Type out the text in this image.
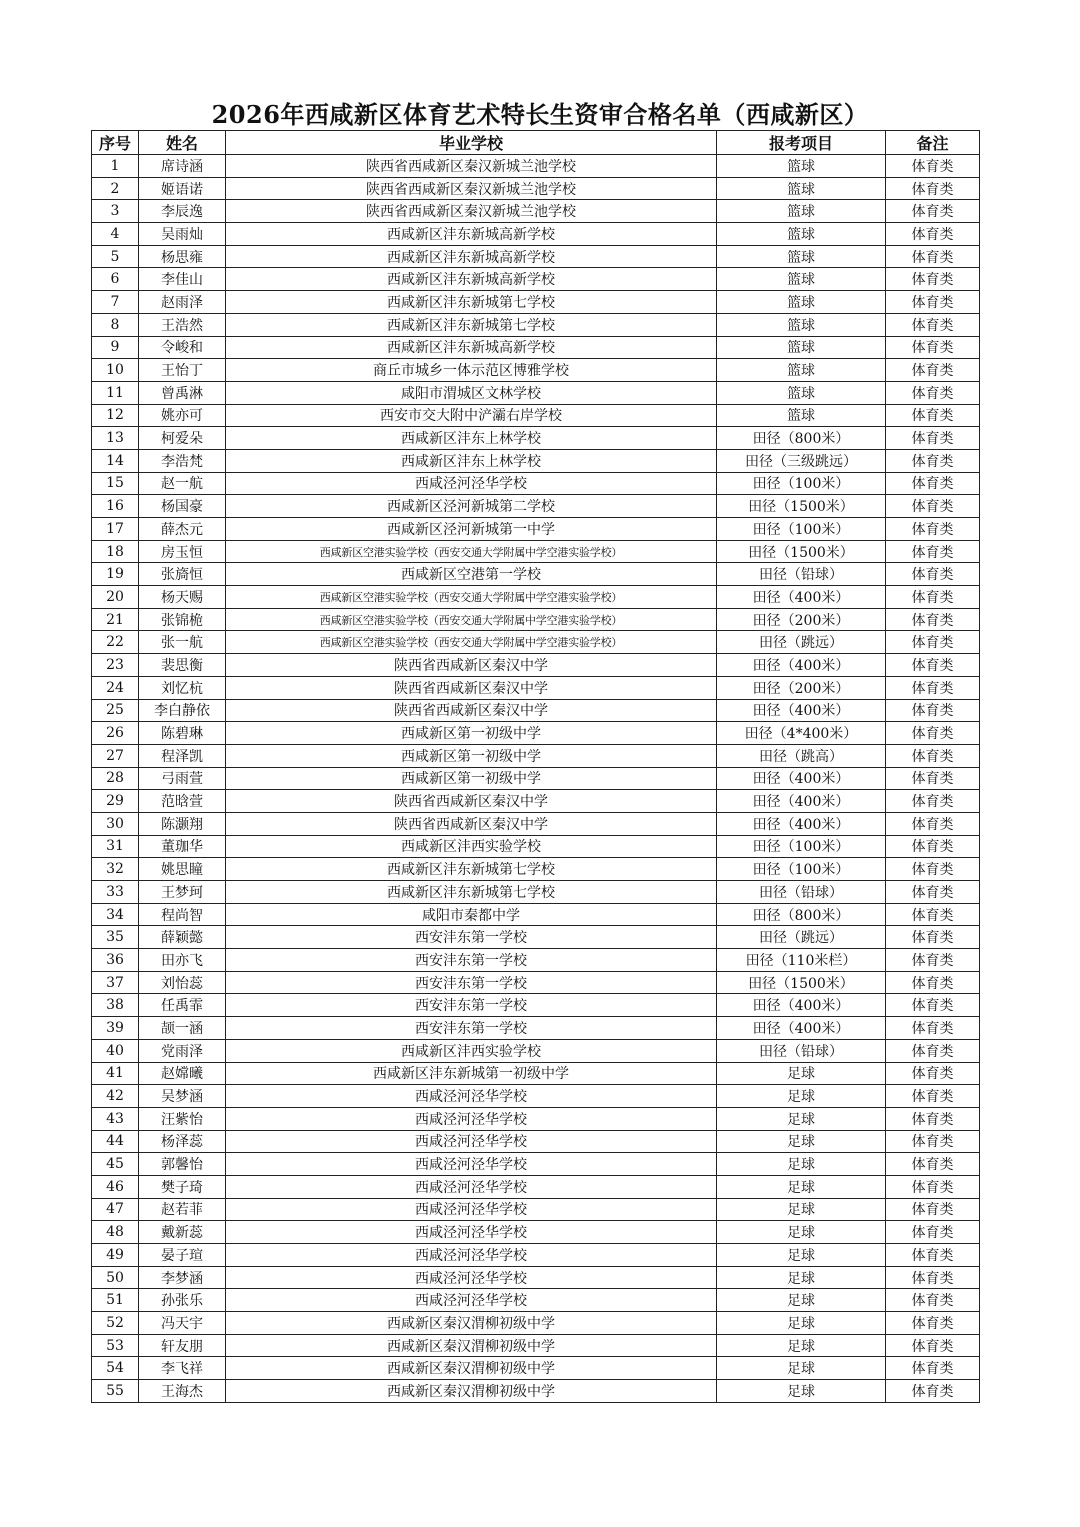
2026年西咸新区体育艺术特长生资审合格名单（西咸新区）
序号	姓名	毕业学校	报考项目	备注
1	席诗涵	陕西省西咸新区秦汉新城兰池学校	篮球	体育类
2	姬语诺	陕西省西咸新区秦汉新城兰池学校	篮球	体育类
3	李辰逸	陕西省西咸新区秦汉新城兰池学校	篮球	体育类
4	吴雨灿	西咸新区沣东新城高新学校	篮球	体育类
5	杨思雍	西咸新区沣东新城高新学校	篮球	体育类
6	李佳山	西咸新区沣东新城高新学校	篮球	体育类
7	赵雨泽	西咸新区沣东新城第七学校	篮球	体育类
8	王浩然	西咸新区沣东新城第七学校	篮球	体育类
9	令峻和	西咸新区沣东新城高新学校	篮球	体育类
10	王怡丁	商丘市城乡一体示范区博雅学校	篮球	体育类
11	曾禹淋	咸阳市渭城区文林学校	篮球	体育类
12	姚亦可	西安市交大附中浐灞右岸学校	篮球	体育类
13	柯爱朵	西咸新区沣东上林学校	田径（800米）	体育类
14	李浩梵	西咸新区沣东上林学校	田径（三级跳远）	体育类
15	赵一航	西咸泾河泾华学校	田径（100米）	体育类
16	杨国豪	西咸新区泾河新城第二学校	田径（1500米）	体育类
17	薛杰元	西咸新区泾河新城第一中学	田径（100米）	体育类
18	房玉恒	西咸新区空港实验学校（西安交通大学附属中学空港实验学校）	田径（1500米）	体育类
19	张旖恒	西咸新区空港第一学校	田径（铅球）	体育类
20	杨天赐	西咸新区空港实验学校（西安交通大学附属中学空港实验学校）	田径（400米）	体育类
21	张锦桅	西咸新区空港实验学校（西安交通大学附属中学空港实验学校）	田径（200米）	体育类
22	张一航	西咸新区空港实验学校（西安交通大学附属中学空港实验学校）	田径（跳远）	体育类
23	裴思衡	陕西省西咸新区秦汉中学	田径（400米）	体育类
24	刘忆杭	陕西省西咸新区秦汉中学	田径（200米）	体育类
25	李白静依	陕西省西咸新区秦汉中学	田径（400米）	体育类
26	陈碧琳	西咸新区第一初级中学	田径（4*400米）	体育类
27	程泽凯	西咸新区第一初级中学	田径（跳高）	体育类
28	弓雨萱	西咸新区第一初级中学	田径（400米）	体育类
29	范晗萱	陕西省西咸新区秦汉中学	田径（400米）	体育类
30	陈灏翔	陕西省西咸新区秦汉中学	田径（400米）	体育类
31	董珈华	西咸新区沣西实验学校	田径（100米）	体育类
32	姚思瞳	西咸新区沣东新城第七学校	田径（100米）	体育类
33	王梦珂	西咸新区沣东新城第七学校	田径（铅球）	体育类
34	程尚智	咸阳市秦都中学	田径（800米）	体育类
35	薛颖懿	西安沣东第一学校	田径（跳远）	体育类
36	田亦飞	西安沣东第一学校	田径（110米栏）	体育类
37	刘怡蕊	西安沣东第一学校	田径（1500米）	体育类
38	任禹霏	西安沣东第一学校	田径（400米）	体育类
39	颉一涵	西安沣东第一学校	田径（400米）	体育类
40	党雨泽	西咸新区沣西实验学校	田径（铅球）	体育类
41	赵嫦曦	西咸新区沣东新城第一初级中学	足球	体育类
42	吴梦涵	西咸泾河泾华学校	足球	体育类
43	汪紫怡	西咸泾河泾华学校	足球	体育类
44	杨泽蕊	西咸泾河泾华学校	足球	体育类
45	郭馨怡	西咸泾河泾华学校	足球	体育类
46	樊子琦	西咸泾河泾华学校	足球	体育类
47	赵若菲	西咸泾河泾华学校	足球	体育类
48	戴新蕊	西咸泾河泾华学校	足球	体育类
49	晏子瑄	西咸泾河泾华学校	足球	体育类
50	李梦涵	西咸泾河泾华学校	足球	体育类
51	孙张乐	西咸泾河泾华学校	足球	体育类
52	冯天宇	西咸新区秦汉渭柳初级中学	足球	体育类
53	轩友朋	西咸新区秦汉渭柳初级中学	足球	体育类
54	李飞祥	西咸新区秦汉渭柳初级中学	足球	体育类
55	王海杰	西咸新区秦汉渭柳初级中学	足球	体育类
